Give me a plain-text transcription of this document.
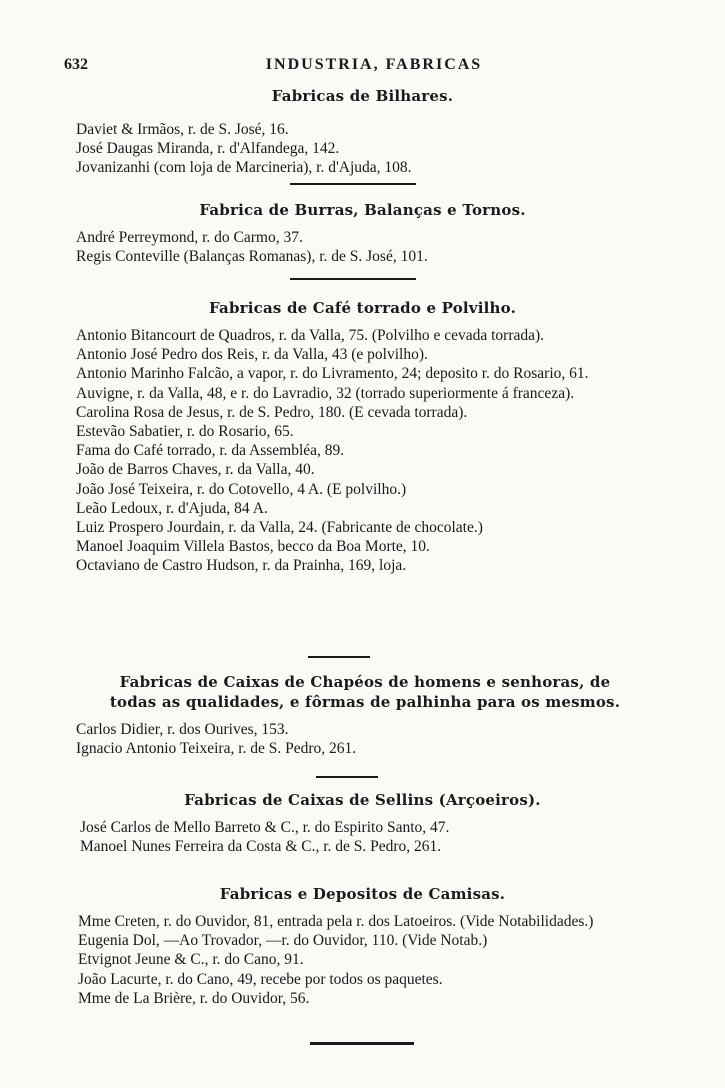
632	INDUSTRIA, FABRICAS
Fabricas de Bilhares.
Daviet & Irmãos, r. de S. José, 16.
José Daugas Miranda, r. d'Alfandega, 142.
Jovanizanhi (com loja de Marcineria), r. d'Ajuda, 108.
Fabrica de Burras, Balanças e Tornos.
André Perreymond, r. do Carmo, 37.
Regis Conteville (Balanças Romanas), r. de S. José, 101.
Fabricas de Café torrado e Polvilho.
Antonio Bitancourt de Quadros, r. da Valla, 75. (Polvilho e cevada torrada).
Antonio José Pedro dos Reis, r. da Valla, 43 (e polvilho).
Antonio Marinho Falcão, a vapor, r. do Livramento, 24; deposito r. do Rosario, 61.
Auvigne, r. da Valla, 48, e r. do Lavradio, 32 (torrado superiormente á franceza).
Carolina Rosa de Jesus, r. de S. Pedro, 180. (E cevada torrada).
Estevão Sabatier, r. do Rosario, 65.
Fama do Café torrado, r. da Assembléa, 89.
João de Barros Chaves, r. da Valla, 40.
João José Teixeira, r. do Cotovello, 4 A. (E polvilho.)
Leão Ledoux, r. d'Ajuda, 84 A.
Luiz Prospero Jourdain, r. da Valla, 24. (Fabricante de chocolate.)
Manoel Joaquim Villela Bastos, becco da Boa Morte, 10.
Octaviano de Castro Hudson, r. da Prainha, 169, loja.
Fabricas de Caixas de Chapéos de homens e senhoras, de todas as qualidades, e fôrmas de palhinha para os mesmos.
Carlos Didier, r. dos Ourives, 153.
Ignacio Antonio Teixeira, r. de S. Pedro, 261.
Fabricas de Caixas de Sellins (Arçoeiros).
José Carlos de Mello Barreto & C., r. do Espirito Santo, 47.
Manoel Nunes Ferreira da Costa & C., r. de S. Pedro, 261.
Fabricas e Depositos de Camisas.
Mme Creten, r. do Ouvidor, 81, entrada pela r. dos Latoeiros. (Vide Notabilidades.)
Eugenia Dol, —Ao Trovador, —r. do Ouvidor, 110. (Vide Notab.)
Etvignot Jeune & C., r. do Cano, 91.
João Lacurte, r. do Cano, 49, recebe por todos os paquetes.
Mme de La Brière, r. do Ouvidor, 56.
